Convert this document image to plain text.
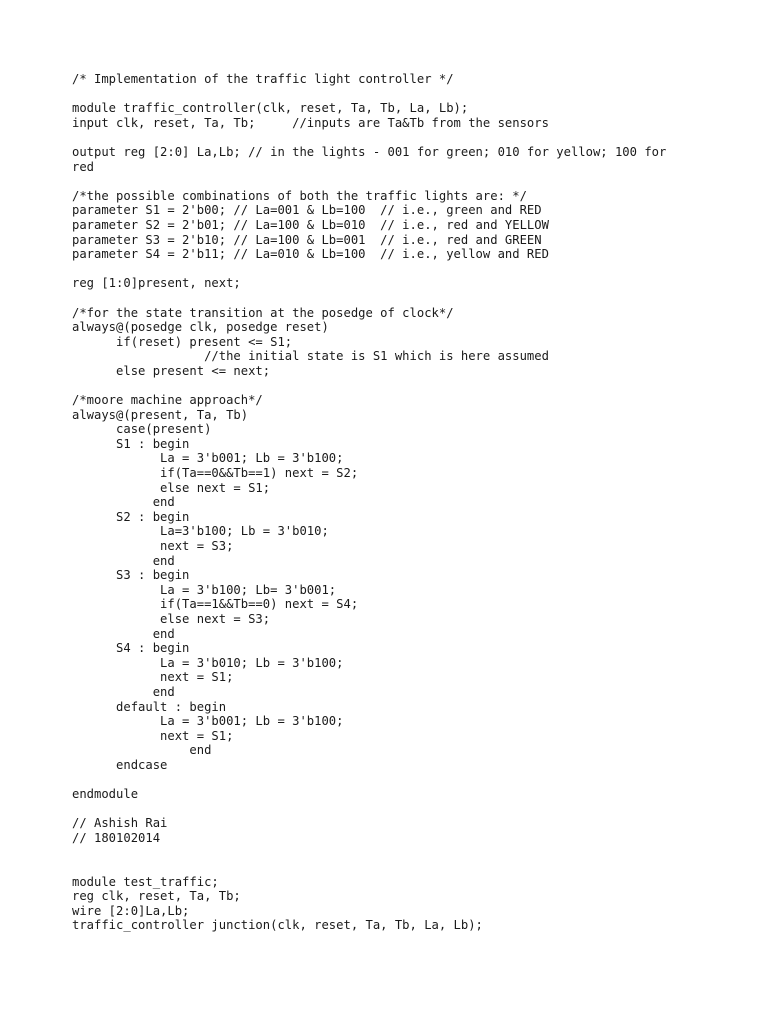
/* Implementation of the traffic light controller */
module traffic_controller(clk, reset, Ta, Tb, La, Lb);
input clk, reset, Ta, Tb;     //inputs are Ta&Tb from the sensors
output reg [2:0] La,Lb; // in the lights - 001 for green; 010 for yellow; 100 for
red
/*the possible combinations of both the traffic lights are: */
parameter S1 = 2'b00; // La=001 & Lb=100  // i.e., green and RED
parameter S2 = 2'b01; // La=100 & Lb=010  // i.e., red and YELLOW
parameter S3 = 2'b10; // La=100 & Lb=001  // i.e., red and GREEN
parameter S4 = 2'b11; // La=010 & Lb=100  // i.e., yellow and RED
reg [1:0]present, next;
/*for the state transition at the posedge of clock*/
always@(posedge clk, posedge reset)
if(reset) present <= S1;
//the initial state is S1 which is here assumed
else present <= next;
/*moore machine approach*/
always@(present, Ta, Tb)
case(present)
S1 : begin
La = 3'b001; Lb = 3'b100;
if(Ta==0&&Tb==1) next = S2;
else next = S1;
end
S2 : begin
La=3'b100; Lb = 3'b010;
next = S3;
end
S3 : begin
La = 3'b100; Lb= 3'b001;
if(Ta==1&&Tb==0) next = S4;
else next = S3;
end
S4 : begin
La = 3'b010; Lb = 3'b100;
next = S1;
end
default : begin
La = 3'b001; Lb = 3'b100;
next = S1;
end
endcase
endmodule
// Ashish Rai
// 180102014
module test_traffic;
reg clk, reset, Ta, Tb;
wire [2:0]La,Lb;
traffic_controller junction(clk, reset, Ta, Tb, La, Lb);
